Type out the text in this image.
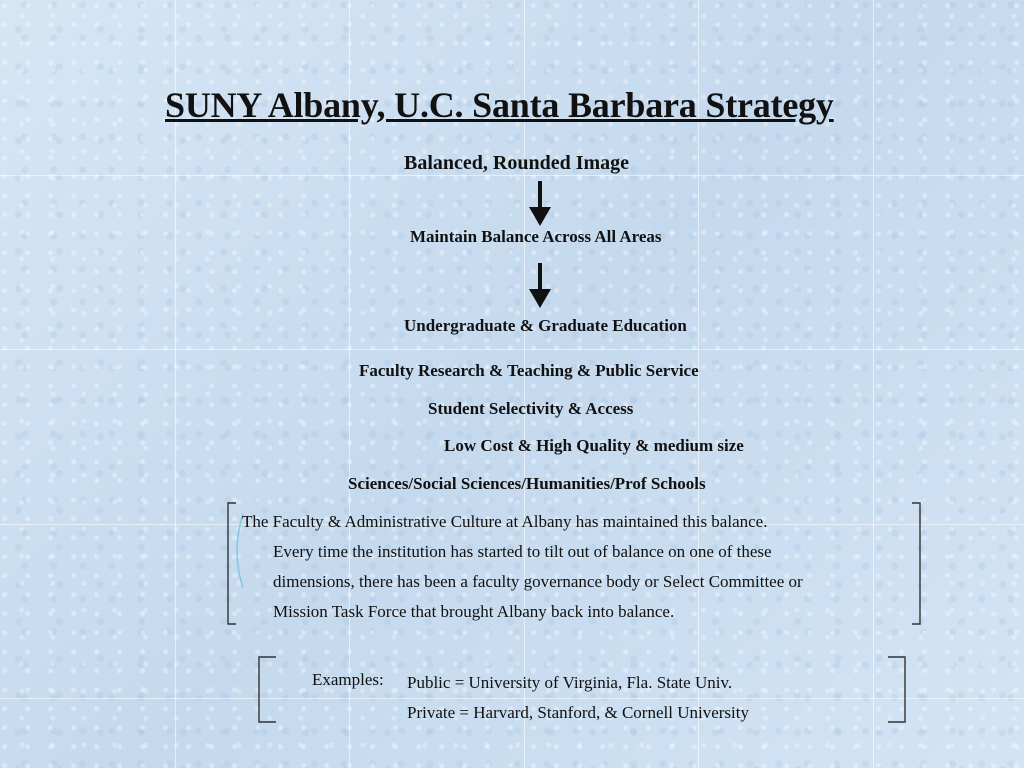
SUNY Albany, U.C. Santa Barbara Strategy
Balanced, Rounded Image
Maintain Balance Across All Areas
Undergraduate & Graduate Education
Faculty Research & Teaching & Public Service
Student Selectivity & Access
Low Cost & High Quality & medium size
Sciences/Social Sciences/Humanities/Prof Schools
The Faculty & Administrative Culture at Albany has maintained this balance.
Every time the institution has started to tilt out of balance on one of these
dimensions, there has been a faculty governance body or Select Committee or
Mission Task Force that brought Albany back into balance.
Examples: Public = University of Virginia, Fla. State Univ.
Private = Harvard, Stanford, & Cornell University
